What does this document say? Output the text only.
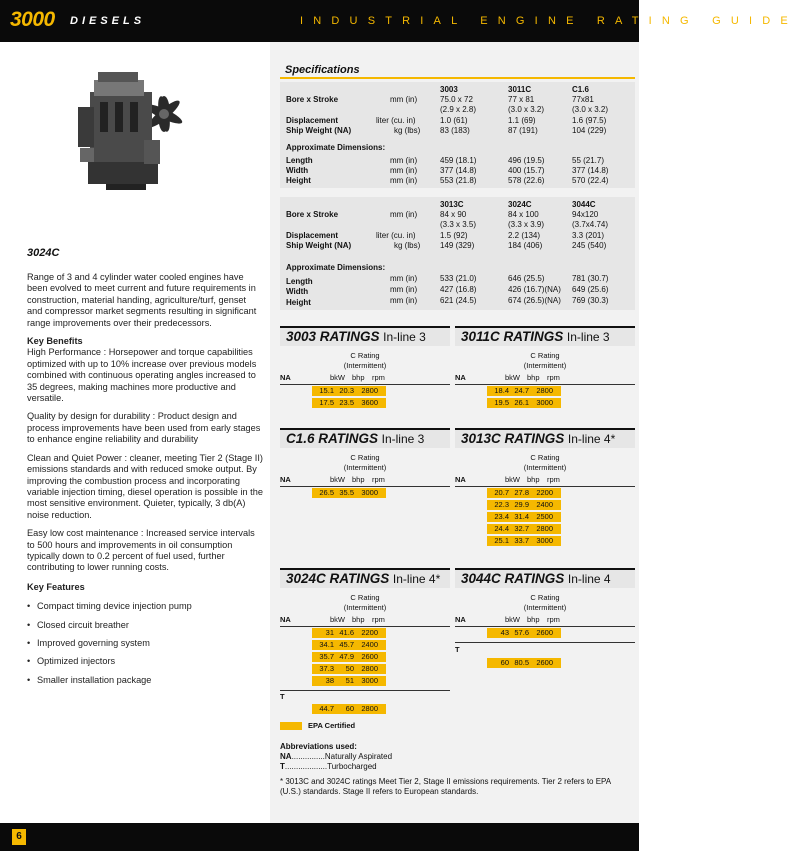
3000 DIESELS	INDUSTRIAL ENGINE RATING GUIDE
3024C

Range of 3 and 4 cylinder water cooled engines have been evolved to meet current and future requirements in construction, material handing, agriculture/turf, genset and compressor market segments resulting in significant range improvements over their predecessors.

Key Benefits

High Performance : Horsepower and torque capabilities optimized with up to 10% increase over previous models combined with continuous operating angles increased to 35 degrees, making machines more productive and versatile.

Quality by design for durability : Product design and process improvements have been used from early stages to enhance engine reliability and durability

Clean and Quiet Power : cleaner, meeting Tier 2 (Stage II) emissions standards and with reduced smoke output. By improving the combustion process and incorporating variable injection timing, diesel operation is possible in the most sensitive environment. Quieter, typically, 3 db(A) noise reduction.

Easy low cost maintenance : Increased service intervals to 500 hours and improvements in oil consumption typically down to 0.2 percent of fuel used, further contributing to lower running costs.

Key Features

• Compact timing device injection pump
• Closed circuit breather
• Improved governing system
• Optimized injectors
• Smaller installation package
Specifications
3003	3011C	C1.6
Bore x Stroke	mm (in)	75.0 x 72	77 x 81	77x81
(2.9 x 2.8)	(3.0 x 3.2)	(3.0 x 3.2)
Displacement	liter (cu. in)	1.0 (61)	1.1 (69)	1.6 (97.5)
Ship Weight (NA)	kg (lbs) 83 (183)	87 (191)	104 (229)
Approximate Dimensions:
Length	mm (in)	459 (18.1)	496 (19.5)	55 (21.7)
Width	mm (in)	377 (14.8)	400 (15.7)	377 (14.8)
Height	mm (in)	553 (21.8)	578 (22.6)	570 (22.4)
3013C	3024C	3044C
Bore x Stroke	mm (in)	84 x 90	84 x 100	94x120
(3.3 x 3.5)	(3.3 x 3.9)	(3.7x4.74)
Displacement	liter (cu. in)	1.5 (92)	2.2 (134)	3.3 (201)
Ship Weight (NA)	kg (lbs) 149 (329)	184 (406)	245 (540)
Approximate Dimensions:
Length	mm (in)	533 (21.0)	646 (25.5)	781 (30.7)
Width	mm (in)	427 (16.8)	426 (16.7)(NA) 649 (25.6)
Height	mm (in)	621 (24.5)	674 (26.5)(NA) 769 (30.3)
3003 RATINGS In-line 3
C Rating
(Intermittent)
NA	bkW bhp rpm
15.1 20.3 2800
17.5 23.5 3600
3011C RATINGS In-line 3
C Rating
(Intermittent)
NA	bkW bhp rpm
18.4 24.7 2800
19.5 26.1 3000
C1.6 RATINGS In-line 3
C Rating
(Intermittent)
NA	bkW bhp rpm
26.5 35.5 3000
3013C RATINGS In-line 4*
C Rating
(Intermittent)
NA	bkW bhp rpm
20.7 27.8 2200
22.3 29.9 2400
23.4 31.4 2500
24.4 32.7 2800
25.1 33.7 3000
3024C RATINGS In-line 4*
C Rating
(Intermittent)
NA	bkW bhp rpm
31 41.6 2200
34.1 45.7 2400
35.7 47.9 2600
37.3	50 2800
38	51 3000
T
44.7	60 2800
3044C RATINGS In-line 4
C Rating
(Intermittent)
NA	bkW bhp rpm
43 57.6 2600
T
60 80.5 2600
EPA Certified
Abbreviations used:
NA...............Naturally Aspirated
T...................Turbocharged
* 3013C and 3024C ratings Meet Tier 2, Stage II emissions requirements. Tier 2 refers to EPA (U.S.) standards. Stage II refers to European standards.
6
